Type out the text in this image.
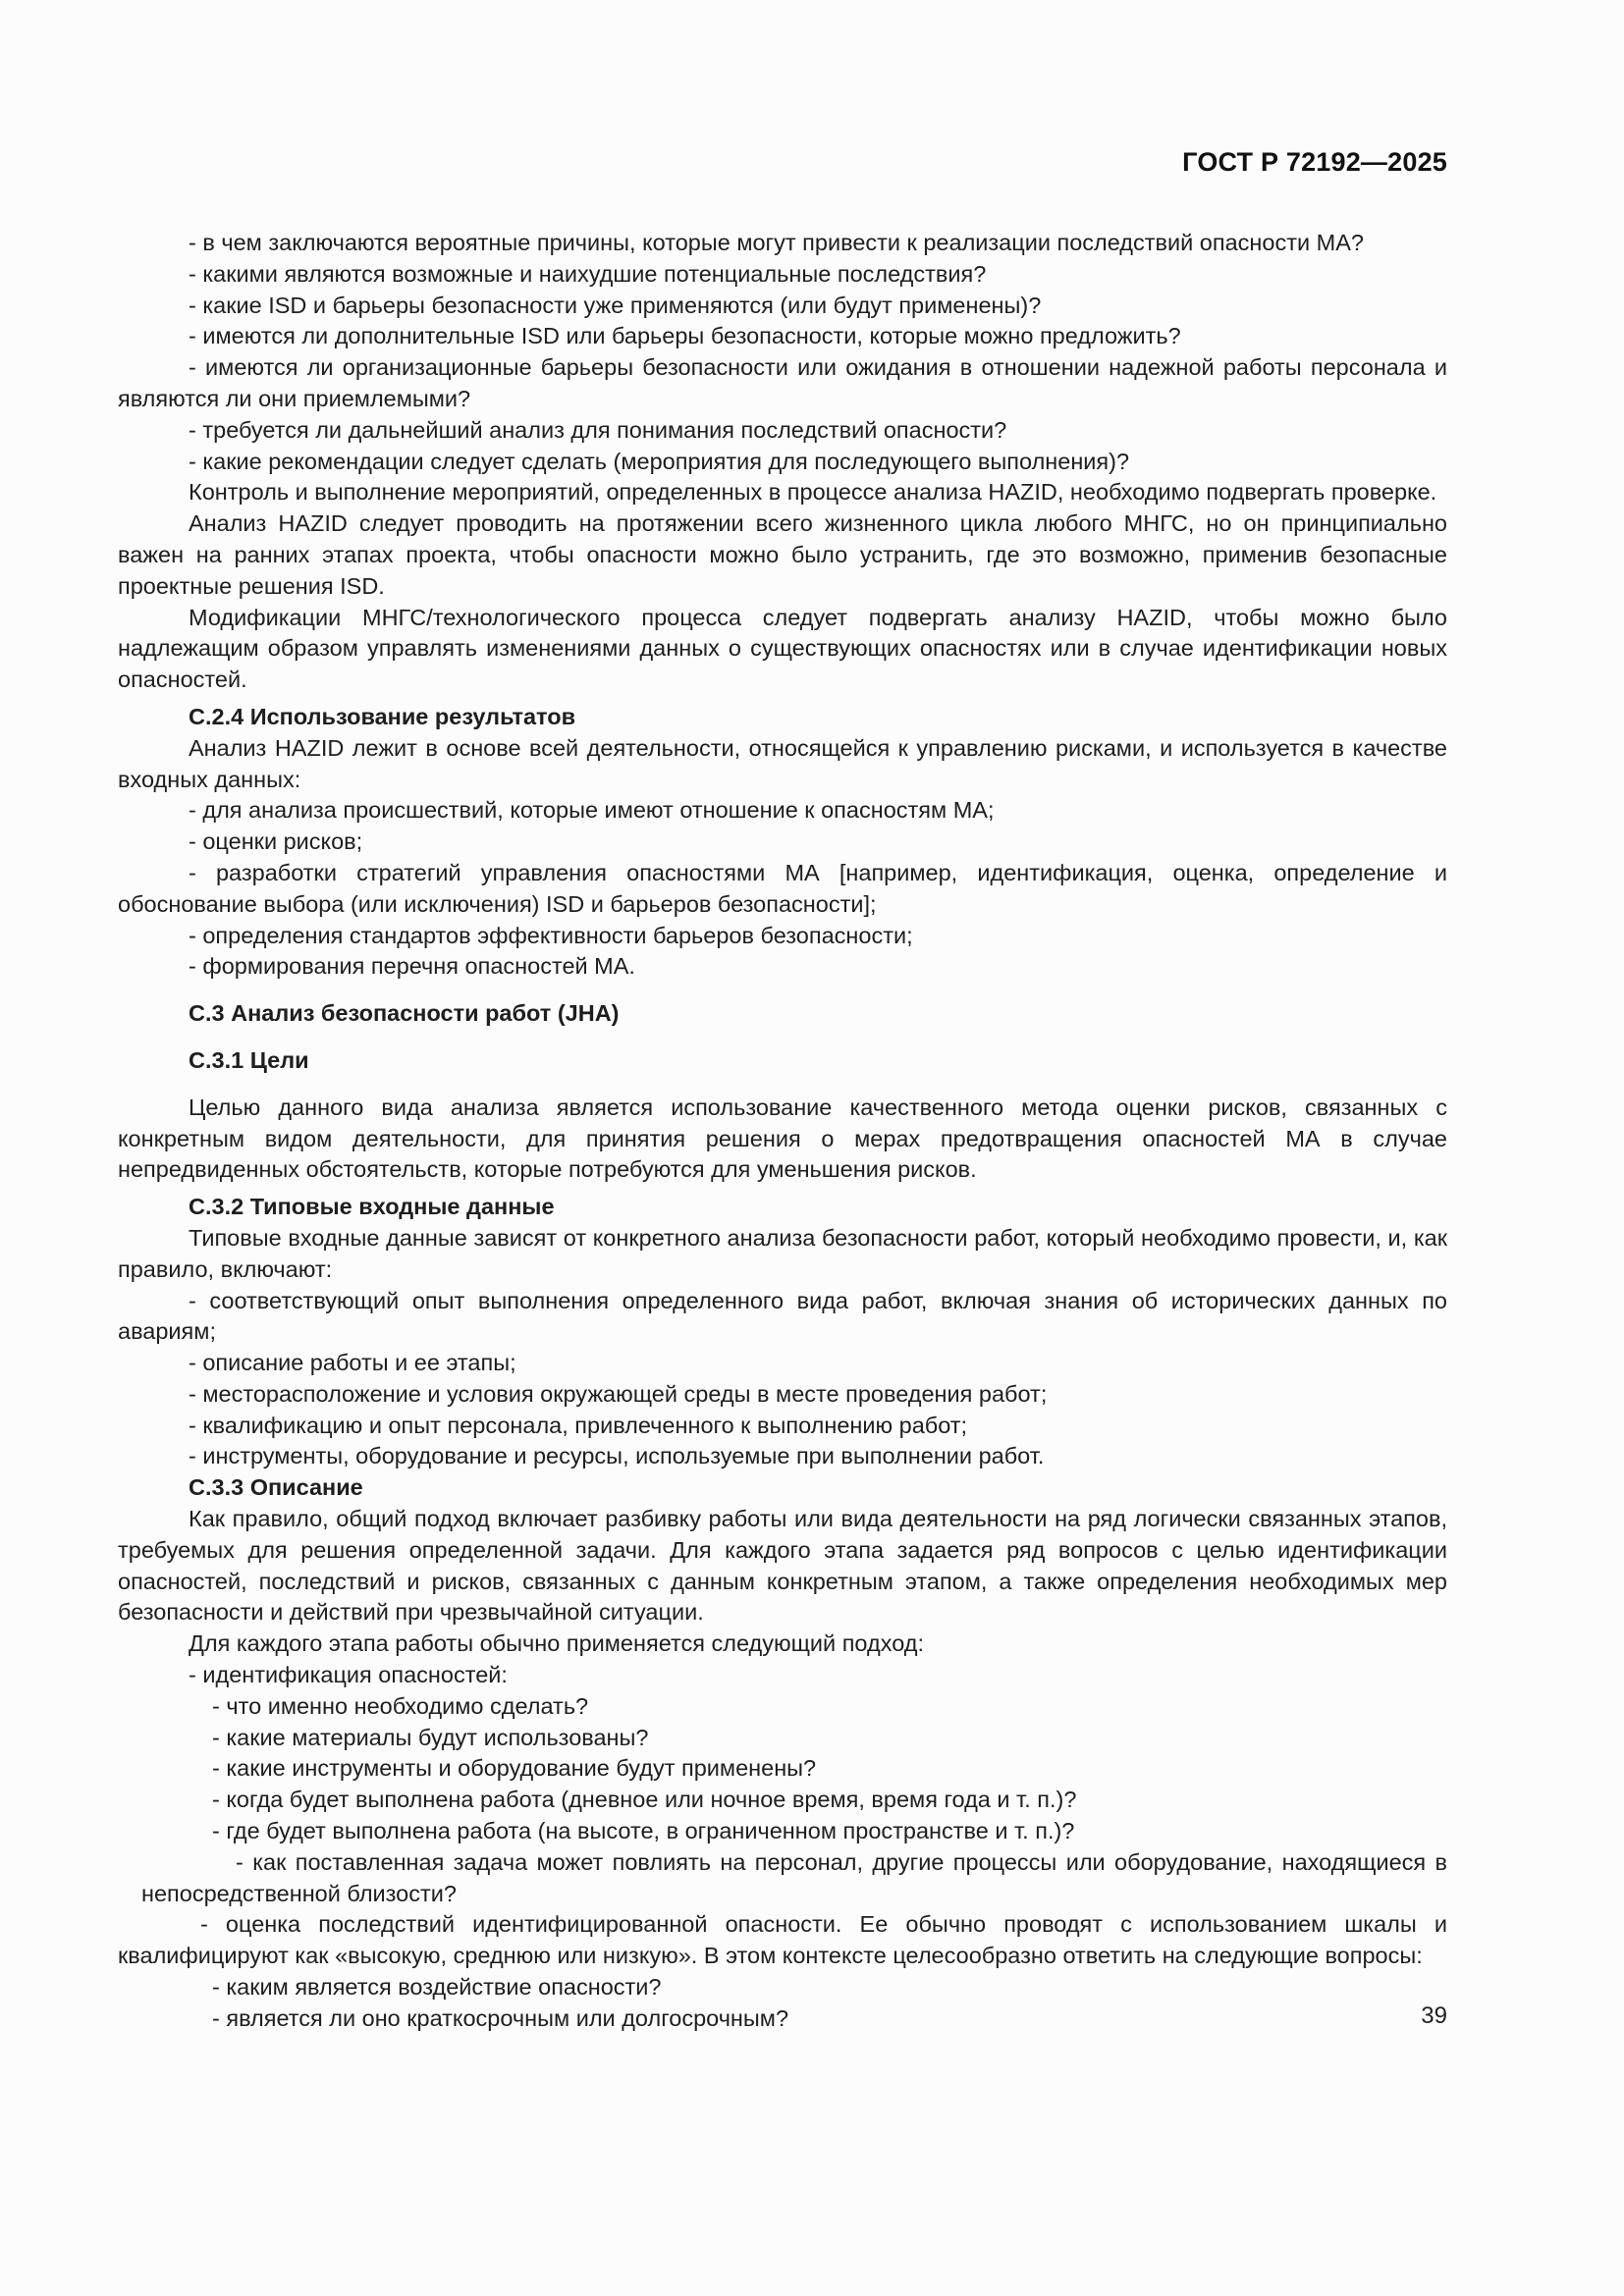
ГОСТ Р 72192—2025
- в чем заключаются вероятные причины, которые могут привести к реализации последствий опасности МА?
- какими являются возможные и наихудшие потенциальные последствия?
- какие ISD и барьеры безопасности уже применяются (или будут применены)?
- имеются ли дополнительные ISD или барьеры безопасности, которые можно предложить?
- имеются ли организационные барьеры безопасности или ожидания в отношении надежной работы персонала и являются ли они приемлемыми?
- требуется ли дальнейший анализ для понимания последствий опасности?
- какие рекомендации следует сделать (мероприятия для последующего выполнения)?
Контроль и выполнение мероприятий, определенных в процессе анализа HAZID, необходимо подвергать проверке.
Анализ HAZID следует проводить на протяжении всего жизненного цикла любого МНГС, но он принципиально важен на ранних этапах проекта, чтобы опасности можно было устранить, где это возможно, применив безопасные проектные решения ISD.
Модификации МНГС/технологического процесса следует подвергать анализу HAZID, чтобы можно было надлежащим образом управлять изменениями данных о существующих опасностях или в случае идентификации новых опасностей.
C.2.4 Использование результатов
Анализ HAZID лежит в основе всей деятельности, относящейся к управлению рисками, и используется в качестве входных данных:
- для анализа происшествий, которые имеют отношение к опасностям МА;
- оценки рисков;
- разработки стратегий управления опасностями МА [например, идентификация, оценка, определение и обоснование выбора (или исключения) ISD и барьеров безопасности];
- определения стандартов эффективности барьеров безопасности;
- формирования перечня опасностей МА.
C.3 Анализ безопасности работ (JHA)
C.3.1 Цели
Целью данного вида анализа является использование качественного метода оценки рисков, связанных с конкретным видом деятельности, для принятия решения о мерах предотвращения опасностей МА в случае непредвиденных обстоятельств, которые потребуются для уменьшения рисков.
C.3.2 Типовые входные данные
Типовые входные данные зависят от конкретного анализа безопасности работ, который необходимо провести, и, как правило, включают:
- соответствующий опыт выполнения определенного вида работ, включая знания об исторических данных по авариям;
- описание работы и ее этапы;
- месторасположение и условия окружающей среды в месте проведения работ;
- квалификацию и опыт персонала, привлеченного к выполнению работ;
- инструменты, оборудование и ресурсы, используемые при выполнении работ.
C.3.3 Описание
Как правило, общий подход включает разбивку работы или вида деятельности на ряд логически связанных этапов, требуемых для решения определенной задачи. Для каждого этапа задается ряд вопросов с целью идентификации опасностей, последствий и рисков, связанных с данным конкретным этапом, а также определения необходимых мер безопасности и действий при чрезвычайной ситуации.
Для каждого этапа работы обычно применяется следующий подход:
- идентификация опасностей:
- что именно необходимо сделать?
- какие материалы будут использованы?
- какие инструменты и оборудование будут применены?
- когда будет выполнена работа (дневное или ночное время, время года и т. п.)?
- где будет выполнена работа (на высоте, в ограниченном пространстве и т. п.)?
- как поставленная задача может повлиять на персонал, другие процессы или оборудование, находящиеся в непосредственной близости?
- оценка последствий идентифицированной опасности. Ее обычно проводят с использованием шкалы и квалифицируют как «высокую, среднюю или низкую». В этом контексте целесообразно ответить на следующие вопросы:
- каким является воздействие опасности?
- является ли оно краткосрочным или долгосрочным?	39
